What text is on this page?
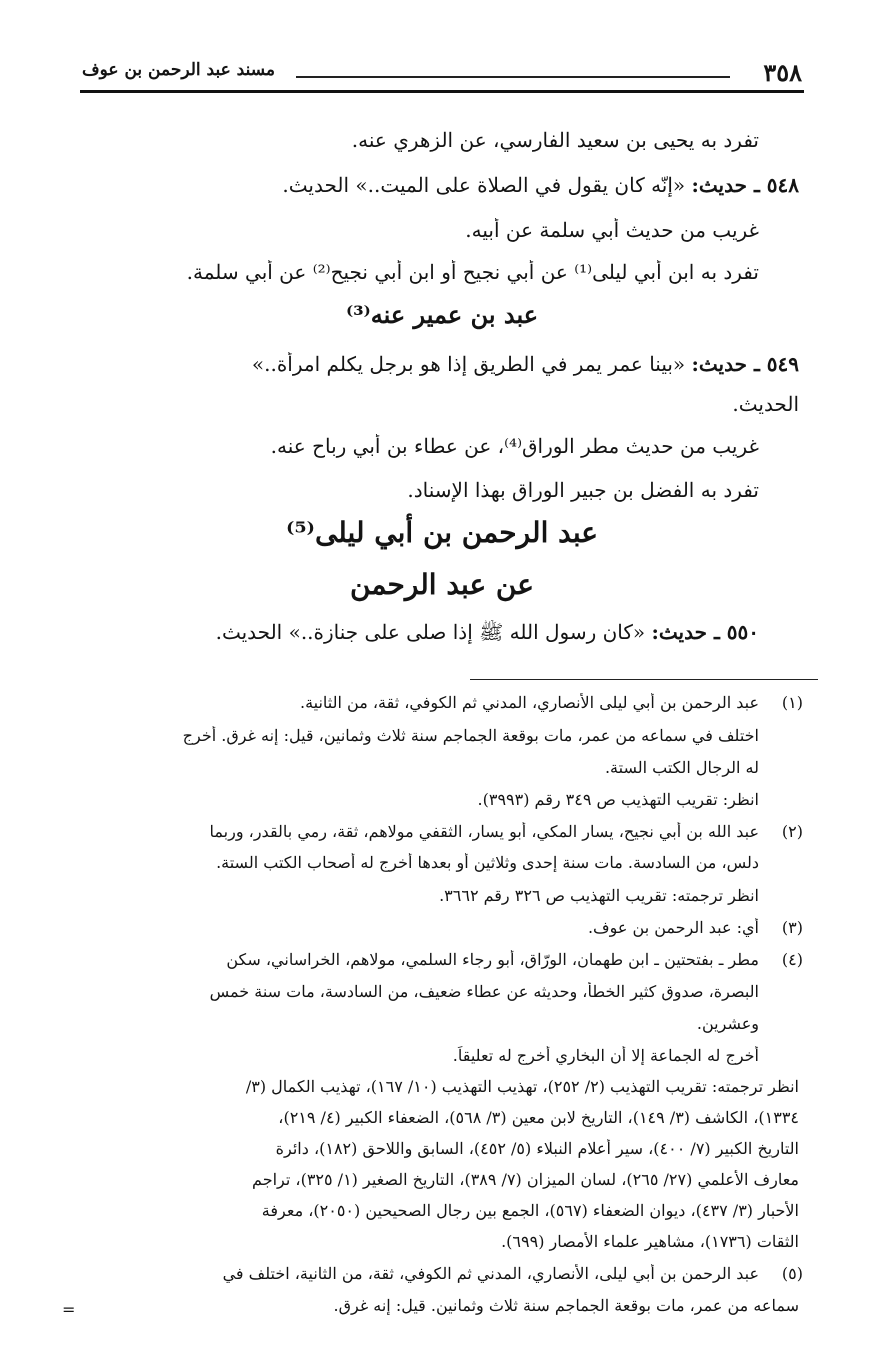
٣٥٨
مسند عبد الرحمن بن عوف
تفرد به يحيى بن سعيد الفارسي، عن الزهري عنه.
٥٤٨ ـ حديث: «إنّه كان يقول في الصلاة على الميت..» الحديث.
غريب من حديث أبي سلمة عن أبيه.
تفرد به ابن أبي ليلى⁽¹⁾ عن أبي نجيح أو ابن أبي نجيح⁽²⁾ عن أبي سلمة.
عبد بن عمير عنه⁽³⁾
٥٤٩ ـ حديث: «بينا عمر يمر في الطريق إذا هو برجل يكلم امرأة..»
الحديث.
غريب من حديث مطر الوراق⁽⁴⁾، عن عطاء بن أبي رباح عنه.
تفرد به الفضل بن جبير الوراق بهذا الإسناد.
عبد الرحمن بن أبي ليلى⁽⁵⁾
عن عبد الرحمن
٥٥٠ ـ حديث: «كان رسول الله ﷺ إذا صلى على جنازة..» الحديث.
(١)
عبد الرحمن بن أبي ليلى الأنصاري، المدني ثم الكوفي، ثقة، من الثانية.
اختلف في سماعه من عمر، مات بوقعة الجماجم سنة ثلاث وثمانين، قيل: إنه غرق. أخرج
له الرجال الكتب الستة.
انظر: تقريب التهذيب ص ٣٤٩ رقم (٣٩٩٣).
(٢)
عبد الله بن أبي نجيح، يسار المكي، أبو يسار، الثقفي مولاهم، ثقة، رمي بالقدر، وربما
دلس، من السادسة. مات سنة إحدى وثلاثين أو بعدها أخرج له أصحاب الكتب الستة.
انظر ترجمته: تقريب التهذيب ص ٣٢٦ رقم ٣٦٦٢.
(٣)
أي: عبد الرحمن بن عوف.
(٤)
مطر ـ بفتحتين ـ ابن طهمان، الورّاق، أبو رجاء السلمي، مولاهم، الخراساني، سكن
البصرة، صدوق كثير الخطأ، وحديثه عن عطاء ضعيف، من السادسة، مات سنة خمس
وعشرين.
أخرج له الجماعة إلا أن البخاري أخرج له تعليقاً.
انظر ترجمته: تقريب التهذيب (٢/ ٢٥٢)، تهذيب التهذيب (١٠/ ١٦٧)، تهذيب الكمال (٣/
١٣٣٤)، الكاشف (٣/ ١٤٩)، التاريخ لابن معين (٣/ ٥٦٨)، الضعفاء الكبير (٤/ ٢١٩)،
التاريخ الكبير (٧/ ٤٠٠)، سير أعلام النبلاء (٥/ ٤٥٢)، السابق واللاحق (١٨٢)، دائرة
معارف الأعلمي (٢٧/ ٢٦٥)، لسان الميزان (٧/ ٣٨٩)، التاريخ الصغير (١/ ٣٢٥)، تراجم
الأحبار (٣/ ٤٣٧)، ديوان الضعفاء (٥٦٧)، الجمع بين رجال الصحيحين (٢٠٥٠)، معرفة
الثقات (١٧٣٦)، مشاهير علماء الأمصار (٦٩٩).
(٥)
عبد الرحمن بن أبي ليلى، الأنصاري، المدني ثم الكوفي، ثقة، من الثانية، اختلف في
سماعه من عمر، مات بوقعة الجماجم سنة ثلاث وثمانين. قيل: إنه غرق.
=
